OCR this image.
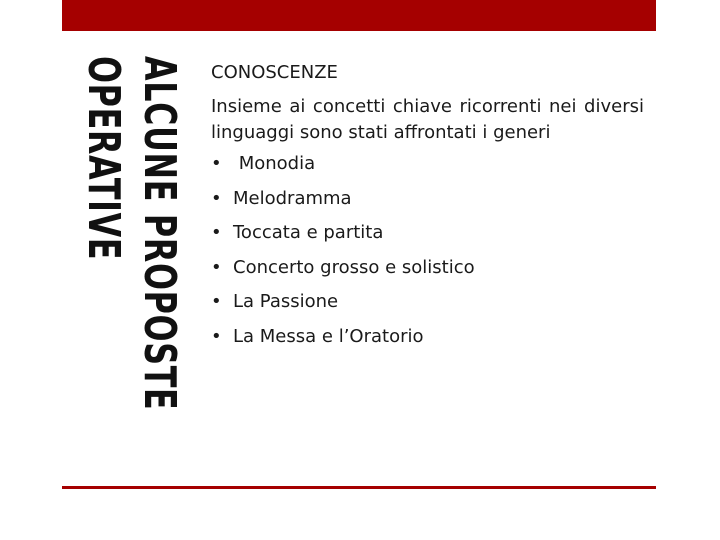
ALCUNE PROPOSTE
OPERATIVE	CONOSCENZE

Insieme ai concetti chiave ricorrenti nei diversi linguaggi sono stati affrontati i generi

• Monodia
• Melodramma
• Toccata e partita
• Concerto grosso e solistico
• La Passione
• La Messa e l’Oratorio
